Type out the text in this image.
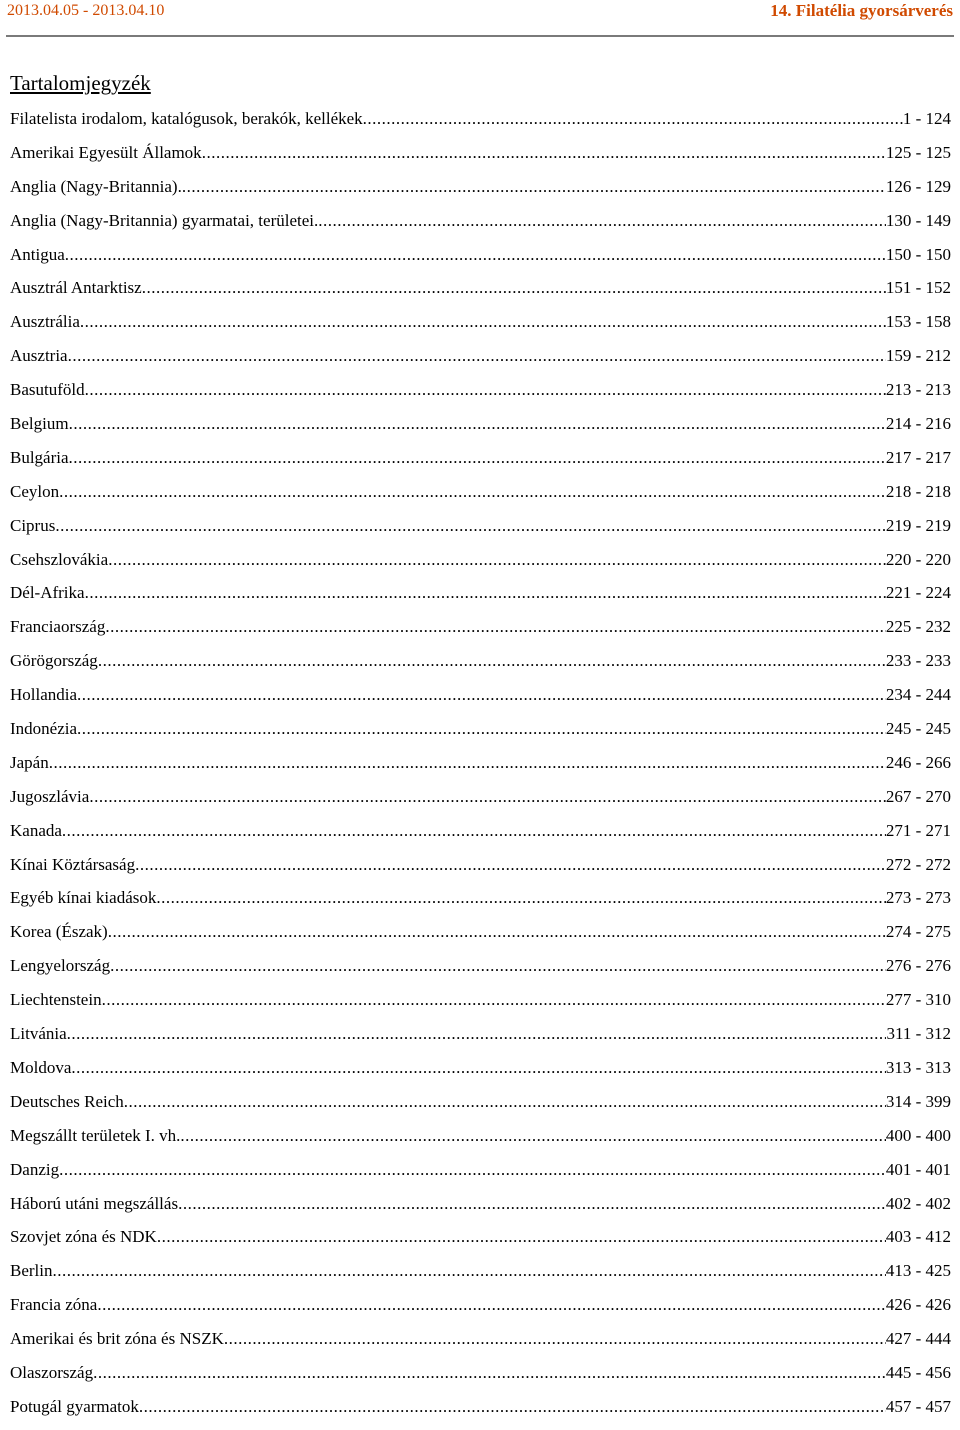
2013.04.05 - 2013.04.10	14. Filatélia gyorsárverés
Tartalomjegyzék
Filatelista irodalom, katalógusok, berakók, kellékek .....	1 - 124
Amerikai Egyesült Államok .....	125 - 125
Anglia (Nagy-Britannia). .....	126 - 129
Anglia (Nagy-Britannia) gyarmatai, területei. .....	130 - 149
Antigua .....	150 - 150
Ausztrál Antarktisz .....	151 - 152
Ausztrália .....	153 - 158
Ausztria .....	159 - 212
Basutuföld .....	213 - 213
Belgium .....	214 - 216
Bulgária .....	217 - 217
Ceylon .....	218 - 218
Ciprus .....	219 - 219
Csehszlovákia .....	220 - 220
Dél-Afrika .....	221 - 224
Franciaország .....	225 - 232
Görögország .....	233 - 233
Hollandia .....	234 - 244
Indonézia .....	245 - 245
Japán .....	246 - 266
Jugoszlávia .....	267 - 270
Kanada .....	271 - 271
Kínai Köztársaság .....	272 - 272
Egyéb kínai kiadások .....	273 - 273
Korea (Észak) .....	274 - 275
Lengyelország .....	276 - 276
Liechtenstein .....	277 - 310
Litvánia .....	311 - 312
Moldova .....	313 - 313
Deutsches Reich .....	314 - 399
Megszállt területek I. vh. .....	400 - 400
Danzig .....	401 - 401
Háború utáni megszállás .....	402 - 402
Szovjet zóna és NDK .....	403 - 412
Berlin .....	413 - 425
Francia zóna .....	426 - 426
Amerikai és brit zóna és NSZK .....	427 - 444
Olaszország .....	445 - 456
Potugál gyarmatok .....	457 - 457
